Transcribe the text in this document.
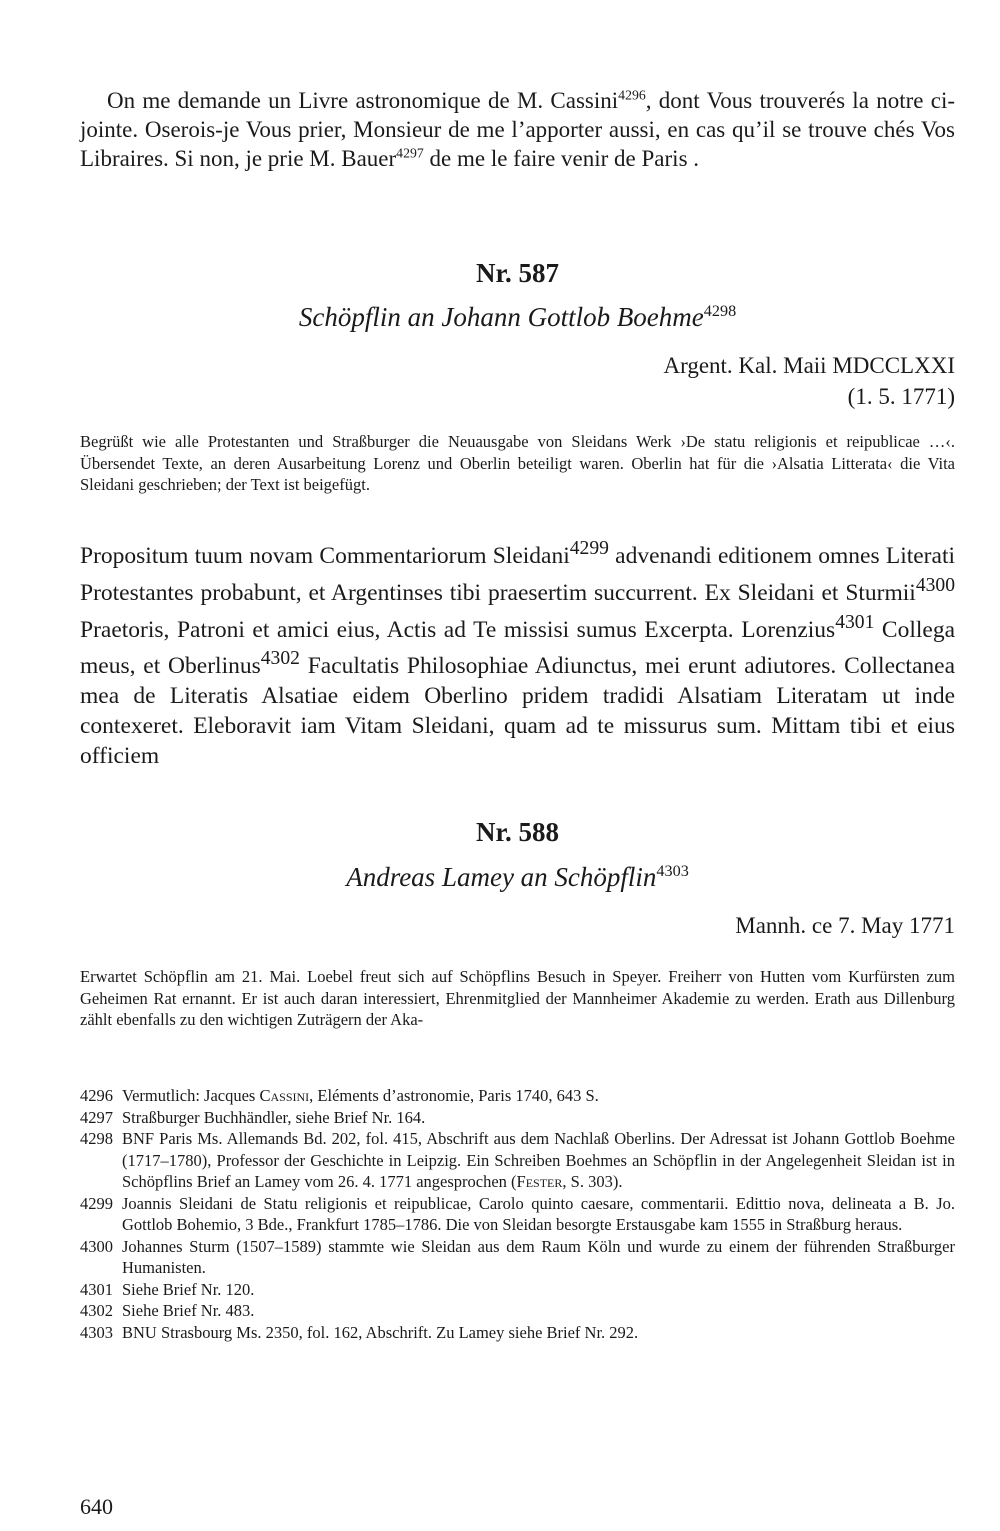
On me demande un Livre astronomique de M. Cassini$^{4296}$, dont Vous trouverés la notre ci-jointe. Oserois-je Vous prier, Monsieur de me l’apporter aussi, en cas qu’il se trouve chés Vos Libraires. Si non, je prie M. Bauer$^{4297}$ de me le faire venir de Paris .

Nr. 587
Schöpflin an Johann Gottlob Boehme$^{4298}$
Argent. Kal. Maii MDCCLXXI
(1. 5. 1771)

Begrüßt wie alle Protestanten und Straßburger die Neuausgabe von Sleidans Werk ›De statu religionis et reipublicae …‹. Übersendet Texte, an deren Ausarbeitung Lorenz und Oberlin beteiligt waren. Oberlin hat für die ›Alsatia Litterata‹ die Vita Sleidani geschrieben; der Text ist beigefügt.

Propositum tuum novam Commentariorum Sleidani$^{4299}$ advenandi editionem omnes Literati Protestantes probabunt, et Argentinses tibi praesertim succurrent. Ex Sleidani et Sturmii$^{4300}$ Praetoris, Patroni et amici eius, Actis ad Te missisi sumus Excerpta. Lorenzius$^{4301}$ Collega meus, et Oberlinus$^{4302}$ Facultatis Philosophiae Adiunctus, mei erunt adiutores. Collectanea mea de Literatis Alsatiae eidem Oberlino pridem tradidi Alsatiam Literatam ut inde contexeret. Eleboravit iam Vitam Sleidani, quam ad te missurus sum. Mittam tibi et eius officiem

Nr. 588
Andreas Lamey an Schöpflin$^{4303}$
Mannh. ce 7. May 1771

Erwartet Schöpflin am 21. Mai. Loebel freut sich auf Schöpflins Besuch in Speyer. Freiherr von Hutten vom Kurfürsten zum Geheimen Rat ernannt. Er ist auch daran interessiert, Ehrenmitglied der Mannheimer Akademie zu werden. Erath aus Dillenburg zählt ebenfalls zu den wichtigen Zuträgern der Aka-

4296 Vermutlich: Jacques Cassini, Eléments d’astronomie, Paris 1740, 643 S.
4297 Straßburger Buchhändler, siehe Brief Nr. 164.
4298 BNF Paris Ms. Allemands Bd. 202, fol. 415, Abschrift aus dem Nachlaß Oberlins. Der Adressat ist Johann Gottlob Boehme (1717–1780), Professor der Geschichte in Leipzig. Ein Schreiben Boehmes an Schöpflin in der Angelegenheit Sleidan ist in Schöpflins Brief an Lamey vom 26. 4. 1771 angesprochen (Fester, S. 303).
4299 Joannis Sleidani de Statu religionis et reipublicae, Carolo quinto caesare, commentarii. Edittio nova, delineata a B. Jo. Gottlob Bohemio, 3 Bde., Frankfurt 1785–1786. Die von Sleidan besorgte Erstausgabe kam 1555 in Straßburg heraus.
4300 Johannes Sturm (1507–1589) stammte wie Sleidan aus dem Raum Köln und wurde zu einem der führenden Straßburger Humanisten.
4301 Siehe Brief Nr. 120.
4302 Siehe Brief Nr. 483.
4303 BNU Strasbourg Ms. 2350, fol. 162, Abschrift. Zu Lamey siehe Brief Nr. 292.
640
